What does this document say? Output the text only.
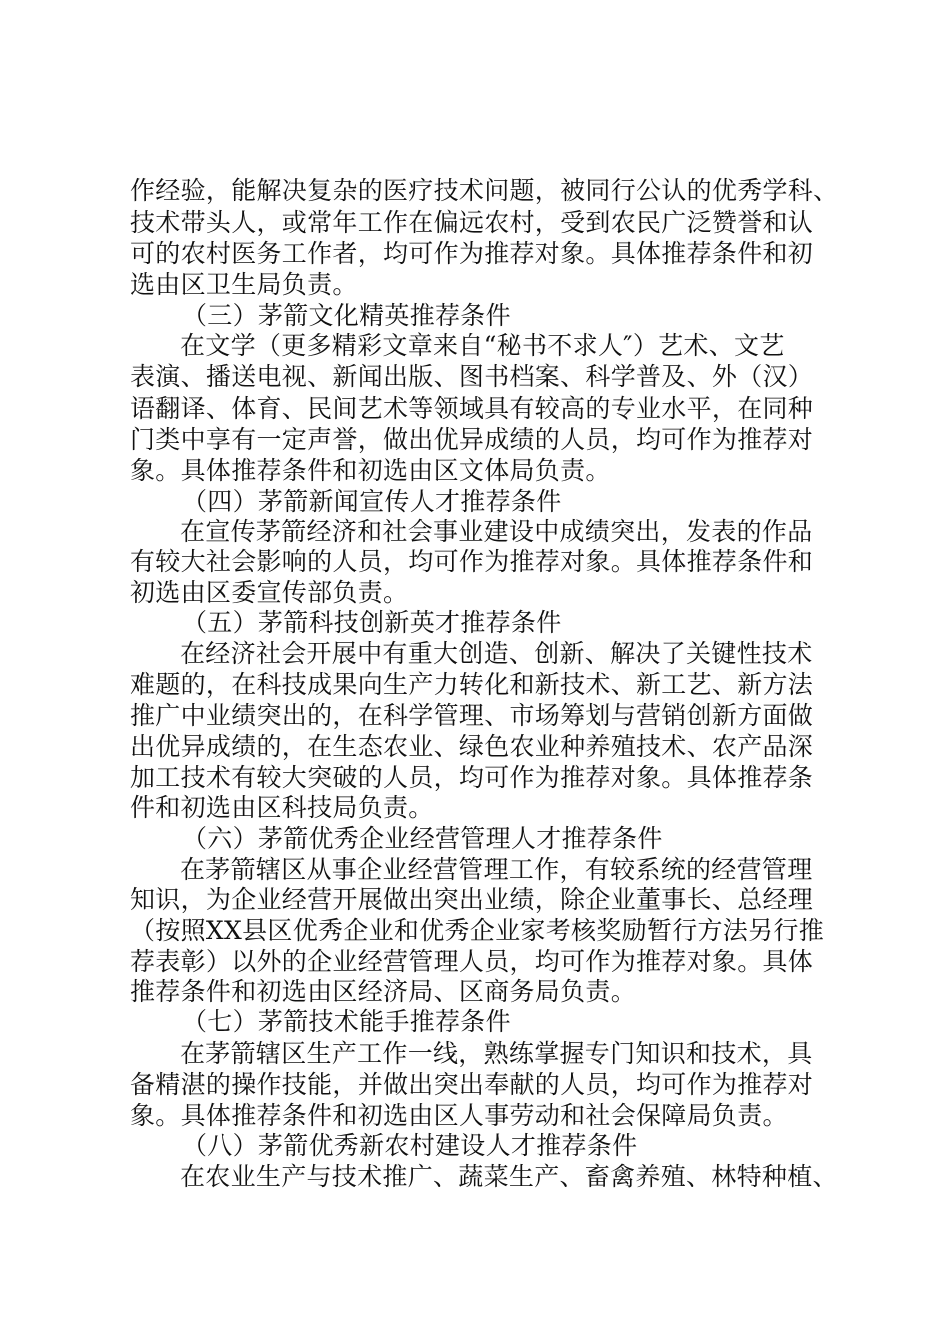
作经验，能解决复杂的医疗技术问题，被同行公认的优秀学科、
技术带头人，或常年工作在偏远农村，受到农民广泛赞誉和认
可的农村医务工作者，均可作为推荐对象。具体推荐条件和初
选由区卫生局负责。
（三）茅箭文化精英推荐条件
在文学（更多精彩文章来自“秘书不求人″）艺术、文艺
表演、播送电视、新闻出版、图书档案、科学普及、外（汉）
语翻译、体育、民间艺术等领域具有较高的专业水平，在同种
门类中享有一定声誉，做出优异成绩的人员，均可作为推荐对
象。具体推荐条件和初选由区文体局负责。
（四）茅箭新闻宣传人才推荐条件
在宣传茅箭经济和社会事业建设中成绩突出，发表的作品
有较大社会影响的人员，均可作为推荐对象。具体推荐条件和
初选由区委宣传部负责。
（五）茅箭科技创新英才推荐条件
在经济社会开展中有重大创造、创新、解决了关键性技术
难题的，在科技成果向生产力转化和新技术、新工艺、新方法
推广中业绩突出的，在科学管理、市场筹划与营销创新方面做
出优异成绩的，在生态农业、绿色农业种养殖技术、农产品深
加工技术有较大突破的人员，均可作为推荐对象。具体推荐条
件和初选由区科技局负责。
（六）茅箭优秀企业经营管理人才推荐条件
在茅箭辖区从事企业经营管理工作，有较系统的经营管理
知识，为企业经营开展做出突出业绩，除企业董事长、总经理
（按照XX县区优秀企业和优秀企业家考核奖励暂行方法另行推
荐表彰）以外的企业经营管理人员，均可作为推荐对象。具体
推荐条件和初选由区经济局、区商务局负责。
（七）茅箭技术能手推荐条件
在茅箭辖区生产工作一线，熟练掌握专门知识和技术，具
备精湛的操作技能，并做出突出奉献的人员，均可作为推荐对
象。具体推荐条件和初选由区人事劳动和社会保障局负责。
（八）茅箭优秀新农村建设人才推荐条件
在农业生产与技术推广、蔬菜生产、畜禽养殖、林特种植、
